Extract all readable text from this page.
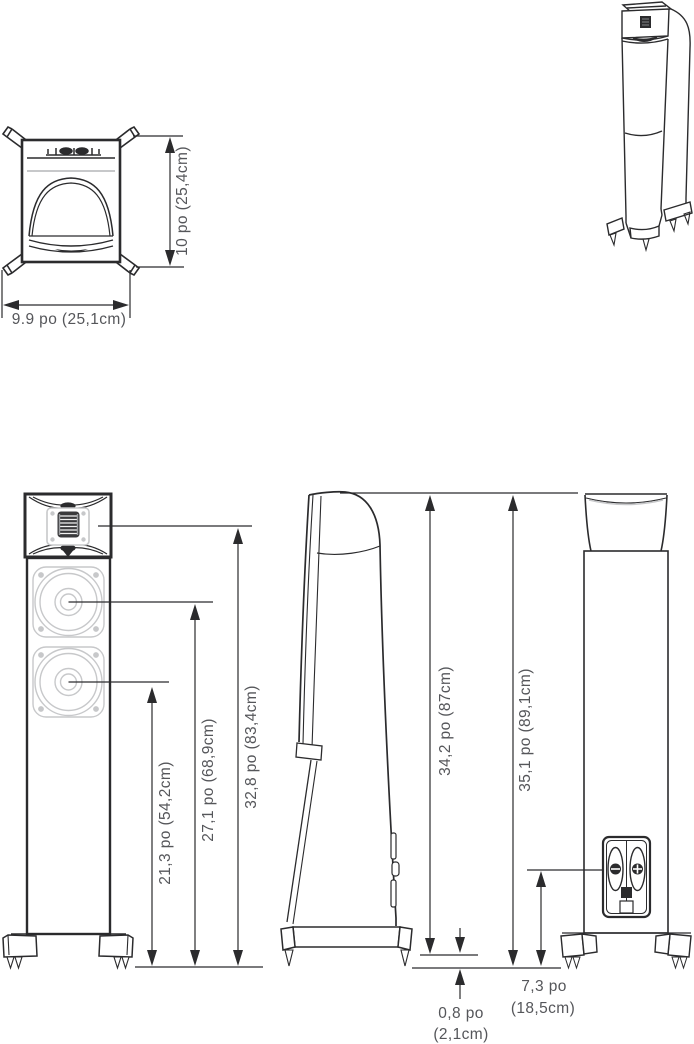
10 po (25,4cm)
9.9 po (25,1cm)
21,3 po (54,2cm) 27,1 po (68,9cm) 32,8 po (83,4cm)	34,2 po (87cm)
0,8 po
(2,1cm)
35,1 po (89,1cm)
7,3 po
(18,5cm)
